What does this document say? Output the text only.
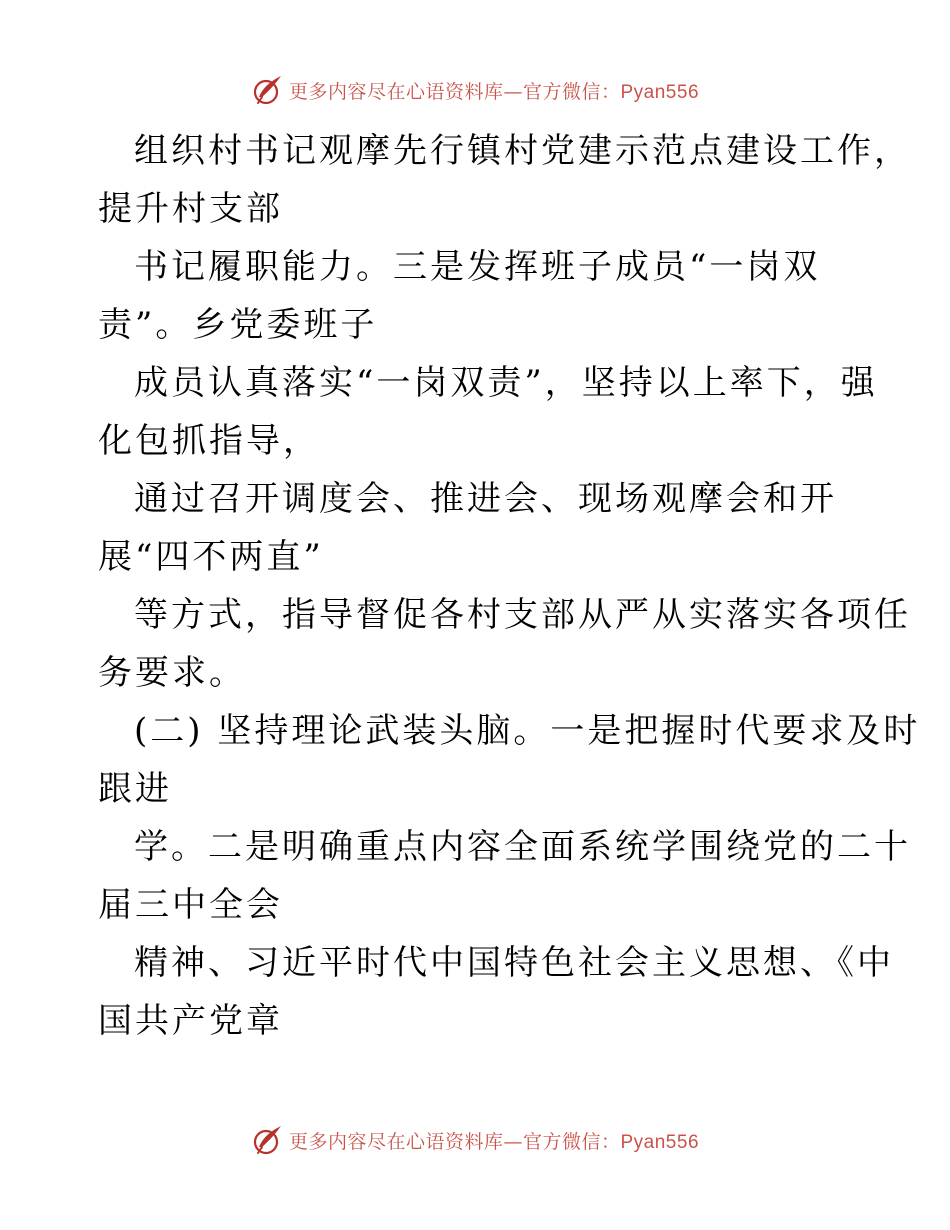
更多内容尽在心语资料库—官方微信：Pyan556

组织村书记观摩先行镇村党建示范点建设工作，
提升村支部

书记履职能力。三是发挥班子成员“一岗双
责”。乡党委班子

成员认真落实“一岗双责”，坚持以上率下，强
化包抓指导，

通过召开调度会、推进会、现场观摩会和开
展“四不两直”

等方式，指导督促各村支部从严从实落实各项任
务要求。

(二) 坚持理论武装头脑。一是把握时代要求及时
跟进

学。二是明确重点内容全面系统学围绕党的二十
届三中全会

精神、习近平时代中国特色社会主义思想、《中
国共产党章

更多内容尽在心语资料库—官方微信：Pyan556
